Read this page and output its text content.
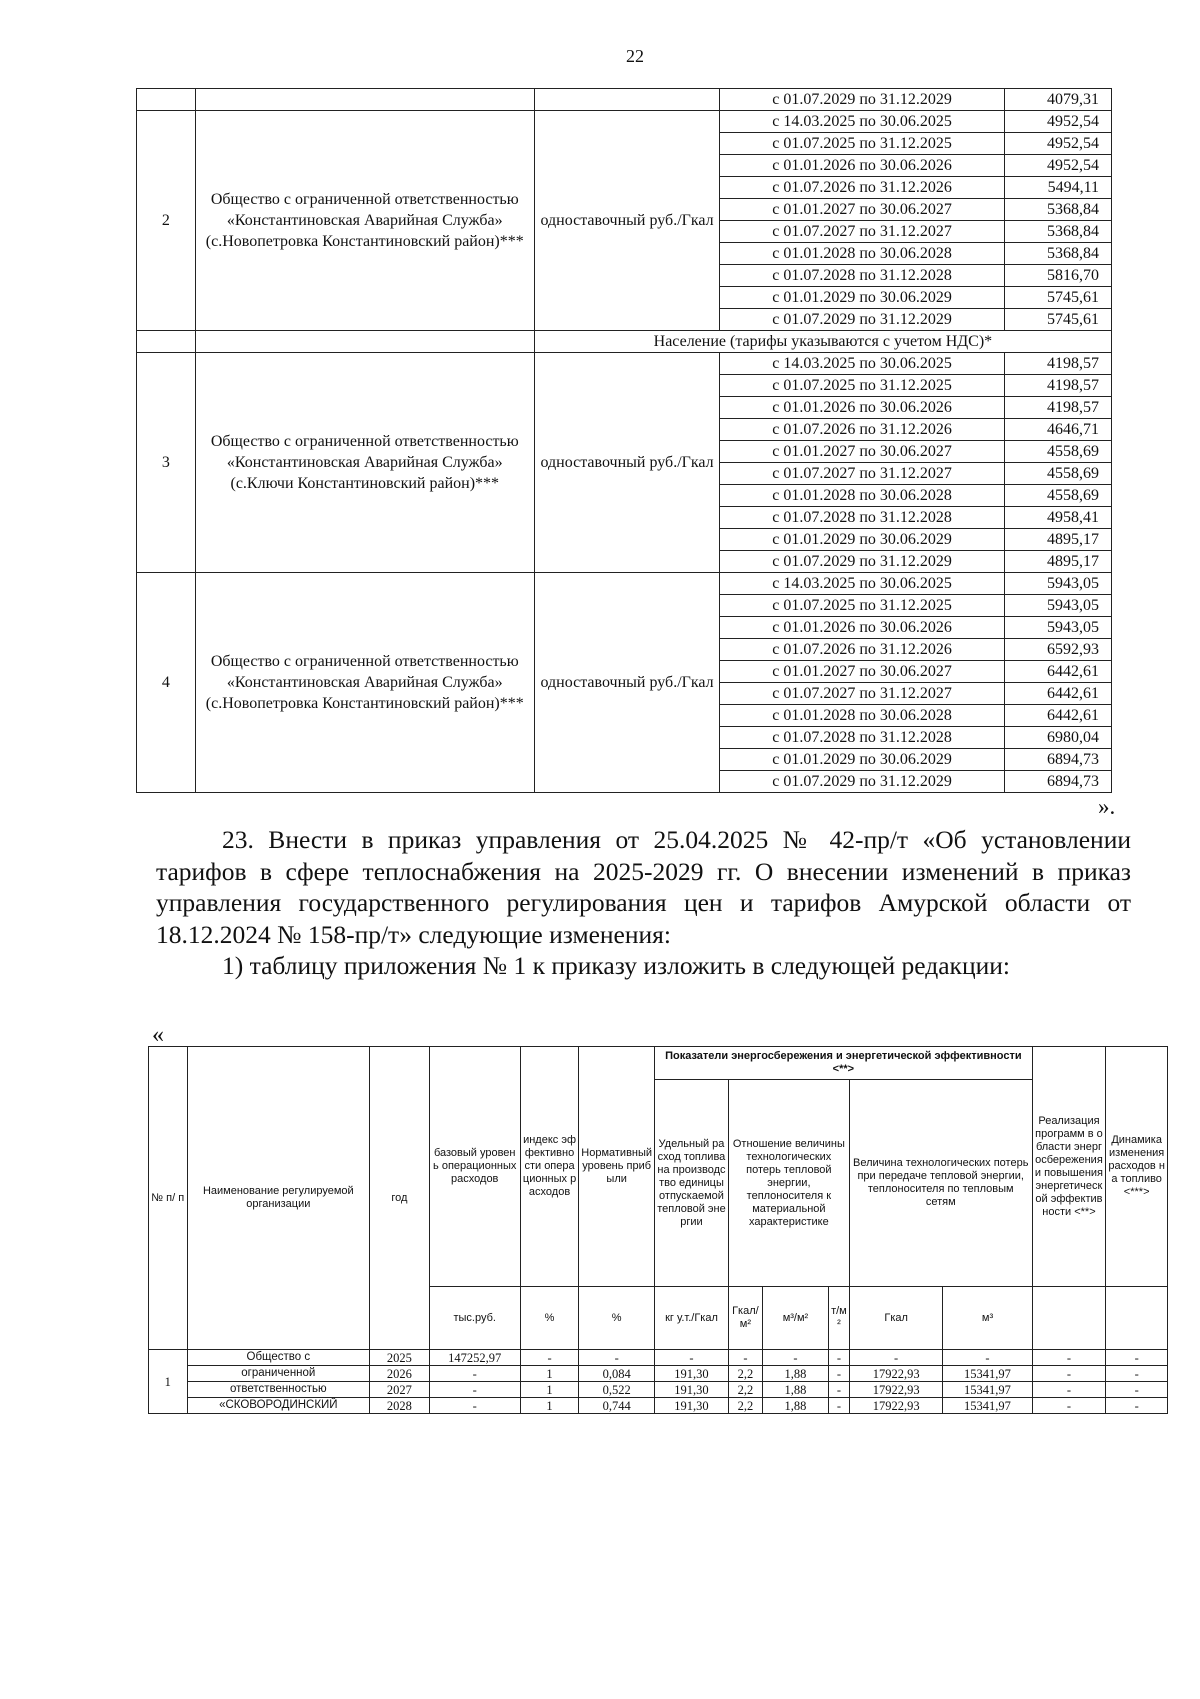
22
			с 01.07.2029 по 31.12.2029	4079,31
2	Общество с ограниченной ответственностью «Константиновская Аварийная Служба» (с.Новопетровка Константиновский район)***	одноставочный руб./Гкал	с 14.03.2025 по 30.06.2025	4952,54
			с 01.07.2025 по 31.12.2025	4952,54
			с 01.01.2026 по 30.06.2026	4952,54
			с 01.07.2026 по 31.12.2026	5494,11
			с 01.01.2027 по 30.06.2027	5368,84
			с 01.07.2027 по 31.12.2027	5368,84
			с 01.01.2028 по 30.06.2028	5368,84
			с 01.07.2028 по 31.12.2028	5816,70
			с 01.01.2029 по 30.06.2029	5745,61
			с 01.07.2029 по 31.12.2029	5745,61
		Население (тарифы указываются с учетом НДС)*		
3	Общество с ограниченной ответственностью «Константиновская Аварийная Служба» (с.Ключи Константиновский район)***	одноставочный руб./Гкал	с 14.03.2025 по 30.06.2025	4198,57
			с 01.07.2025 по 31.12.2025	4198,57
			с 01.01.2026 по 30.06.2026	4198,57
			с 01.07.2026 по 31.12.2026	4646,71
			с 01.01.2027 по 30.06.2027	4558,69
			с 01.07.2027 по 31.12.2027	4558,69
			с 01.01.2028 по 30.06.2028	4558,69
			с 01.07.2028 по 31.12.2028	4958,41
			с 01.01.2029 по 30.06.2029	4895,17
			с 01.07.2029 по 31.12.2029	4895,17
4	Общество с ограниченной ответственностью «Константиновская Аварийная Служба» (с.Новопетровка Константиновский район)***	одноставочный руб./Гкал	с 14.03.2025 по 30.06.2025	5943,05
			с 01.07.2025 по 31.12.2025	5943,05
			с 01.01.2026 по 30.06.2026	5943,05
			с 01.07.2026 по 31.12.2026	6592,93
			с 01.01.2027 по 30.06.2027	6442,61
			с 01.07.2027 по 31.12.2027	6442,61
			с 01.01.2028 по 30.06.2028	6442,61
			с 01.07.2028 по 31.12.2028	6980,04
			с 01.01.2029 по 30.06.2029	6894,73
			с 01.07.2029 по 31.12.2029	6894,73
».

23. Внести в приказ управления от 25.04.2025 № 42-пр/т «Об установлении тарифов в сфере теплоснабжения на 2025-2029 гг. О внесении изменений в приказ управления государственного регулирования цен и тарифов Амурской области от 18.12.2024 № 158-пр/т» следующие изменения:

1) таблицу приложения № 1 к приказу изложить в следующей редакции:

«
№ п/ п	Наименование регулируемой организации	год	базовый уровень операционных расходов	индекс эффективности операционных расходов	Нормативный уровень прибыли	Показатели энергосбережения и энергетической эффективности <**>						Реализация программ в области энергосбережения и повышения энергетической эффективности <**>	Динамика изменения расходов на топливо <***>
						Удельный расход топлива на производство единицы отпускаемой тепловой энергии	Отношение величины технологических потерь тепловой энергии, теплоносителя к материальной характеристике			Величина технологических потерь при передаче тепловой энергии, теплоносителя по тепловым сетям			
			тыс.руб.	%	%	кг у.т./Гкал	Гкал/м²	м³/м²	т/м²	Гкал	м³		
1	Общество с	2025	147252,97	-	-	-	-	-	-	-	-	-	-
	ограниченной	2026	-	1	0,084	191,30	2,2	1,88	-	17922,93	15341,97	-	-
	ответственностью	2027	-	1	0,522	191,30	2,2	1,88	-	17922,93	15341,97	-	-
	«СКОВОРОДИНСКИЙ	2028	-	1	0,744	191,30	2,2	1,88	-	17922,93	15341,97	-	-
